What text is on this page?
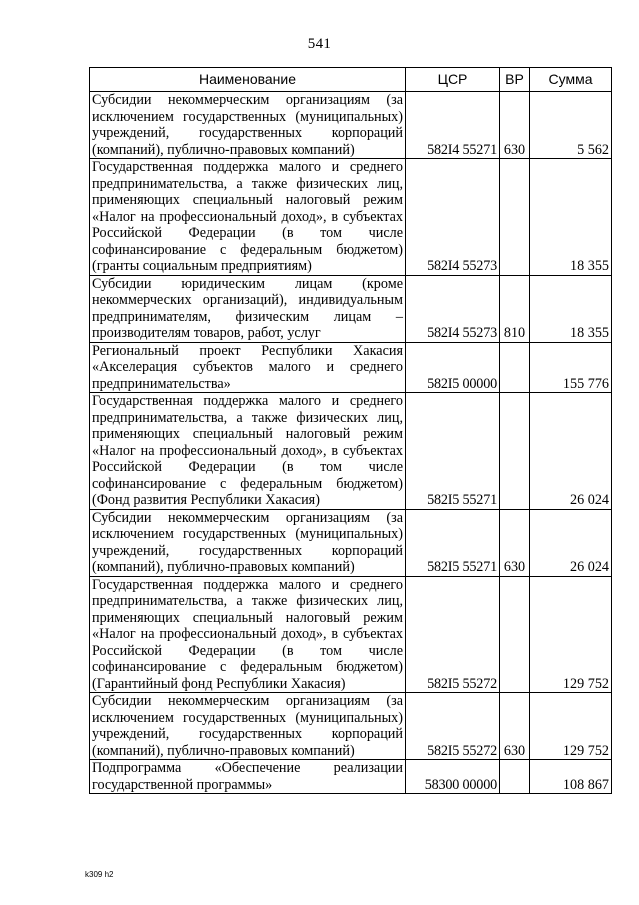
541
Наименование	ЦСР	ВР	Сумма
Субсидии некоммерческим организациям (за исключением государственных (муниципальных) учреждений, государственных корпораций (компаний), публично-правовых компаний)	582I4 55271	630	5 562
Государственная поддержка малого и среднего предпринимательства, а также физических лиц, применяющих специальный налоговый режим «Налог на профессиональный доход», в субъектах Российской Федерации (в том числе софинансирование с федеральным бюджетом) (гранты социальным предприятиям)	582I4 55273		18 355
Субсидии юридическим лицам (кроме некоммерческих организаций), индивидуальным предпринимателям, физическим лицам – производителям товаров, работ, услуг	582I4 55273	810	18 355
Региональный проект Республики Хакасия «Акселерация субъектов малого и среднего предпринимательства»	582I5 00000		155 776
Государственная поддержка малого и среднего предпринимательства, а также физических лиц, применяющих специальный налоговый режим «Налог на профессиональный доход», в субъектах Российской Федерации (в том числе софинансирование с федеральным бюджетом) (Фонд развития Республики Хакасия)	582I5 55271		26 024
Субсидии некоммерческим организациям (за исключением государственных (муниципальных) учреждений, государственных корпораций (компаний), публично-правовых компаний)	582I5 55271	630	26 024
Государственная поддержка малого и среднего предпринимательства, а также физических лиц, применяющих специальный налоговый режим «Налог на профессиональный доход», в субъектах Российской Федерации (в том числе софинансирование с федеральным бюджетом) (Гарантийный фонд Республики Хакасия)	582I5 55272		129 752
Субсидии некоммерческим организациям (за исключением государственных (муниципальных) учреждений, государственных корпораций (компаний), публично-правовых компаний)	582I5 55272	630	129 752
Подпрограмма «Обеспечение реализации государственной программы»	58300 00000		108 867
k309 h2
